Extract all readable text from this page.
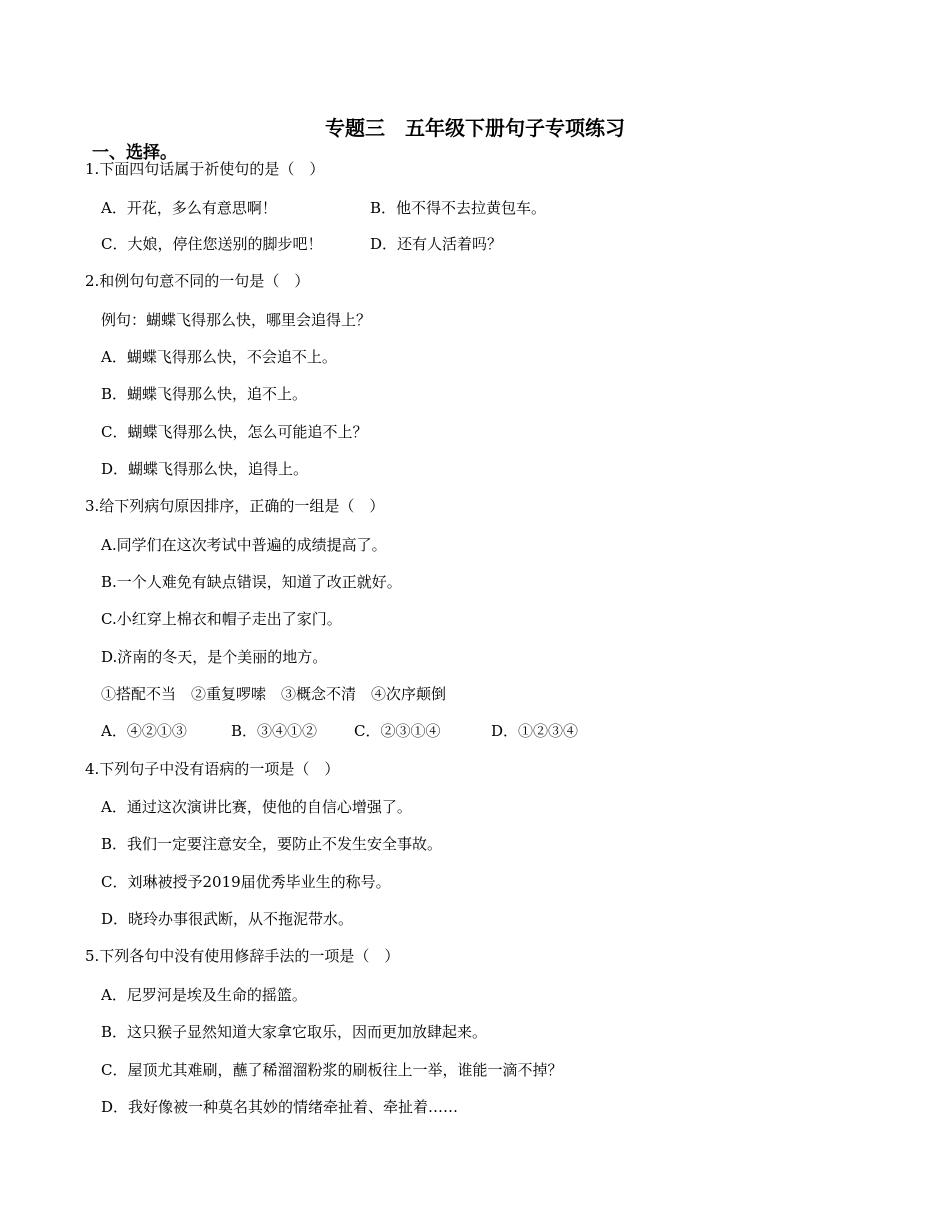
专题三　五年级下册句子专项练习
一、选择。
1.下面四句话属于祈使句的是（　）
A．开花，多么有意思啊！	B．他不得不去拉黄包车。
C．大娘，停住您送别的脚步吧！	D．还有人活着吗？
2.和例句句意不同的一句是（　）
例句：蝴蝶飞得那么快，哪里会追得上？
A．蝴蝶飞得那么快，不会追不上。
B．蝴蝶飞得那么快，追不上。
C．蝴蝶飞得那么快，怎么可能追不上？
D．蝴蝶飞得那么快，追得上。
3.给下列病句原因排序，正确的一组是（　）
A.同学们在这次考试中普遍的成绩提高了。
B.一个人难免有缺点错误，知道了改正就好。
C.小红穿上棉衣和帽子走出了家门。
D.济南的冬天，是个美丽的地方。
①搭配不当　②重复啰嗦　③概念不清　④次序颠倒
A．④②①③	B．③④①② C．②③①④	D．①②③④
4.下列句子中没有语病的一项是（　）
A．通过这次演讲比赛，使他的自信心增强了。
B．我们一定要注意安全，要防止不发生安全事故。
C．刘琳被授予2019届优秀毕业生的称号。
D．晓玲办事很武断，从不拖泥带水。
5.下列各句中没有使用修辞手法的一项是（　）
A．尼罗河是埃及生命的摇篮。
B．这只猴子显然知道大家拿它取乐，因而更加放肆起来。
C．屋顶尤其难刷，蘸了稀溜溜粉浆的刷板往上一举，谁能一滴不掉？
D．我好像被一种莫名其妙的情绪牵扯着、牵扯着……
